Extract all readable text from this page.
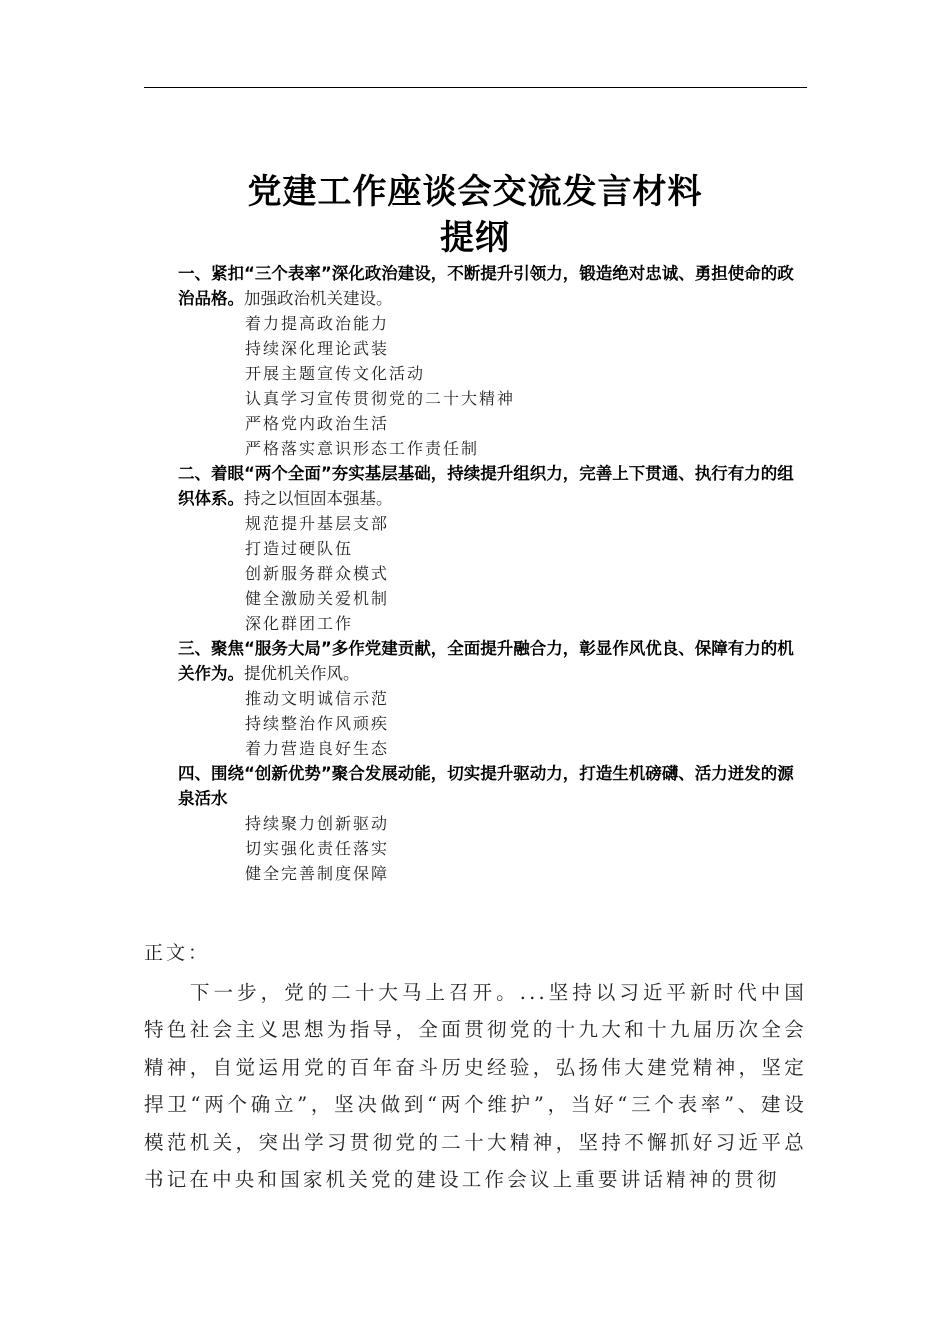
党建工作座谈会交流发言材料
提纲
一、紧扣“三个表率”深化政治建设，不断提升引领力，锻造绝对忠诚、勇担使命的政治品格。加强政治机关建设。
着力提高政治能力
持续深化理论武装
开展主题宣传文化活动
认真学习宣传贯彻党的二十大精神
严格党内政治生活
严格落实意识形态工作责任制
二、着眼“两个全面”夯实基层基础，持续提升组织力，完善上下贯通、执行有力的组织体系。持之以恒固本强基。
规范提升基层支部
打造过硬队伍
创新服务群众模式
健全激励关爱机制
深化群团工作
三、聚焦“服务大局”多作党建贡献，全面提升融合力，彰显作风优良、保障有力的机关作为。提优机关作风。
推动文明诚信示范
持续整治作风顽疾
着力营造良好生态
四、围绕“创新优势”聚合发展动能，切实提升驱动力，打造生机磅礴、活力迸发的源泉活水
持续聚力创新驱动
切实强化责任落实
健全完善制度保障
正文：
下一步，党的二十大马上召开。...坚持以习近平新时代中国特色社会主义思想为指导，全面贯彻党的十九大和十九届历次全会精神，自觉运用党的百年奋斗历史经验，弘扬伟大建党精神，坚定捍卫“两个确立”，坚决做到“两个维护”，当好“三个表率”、建设模范机关，突出学习贯彻党的二十大精神，坚持不懈抓好习近平总书记在中央和国家机关党的建设工作会议上重要讲话精神的贯彻
